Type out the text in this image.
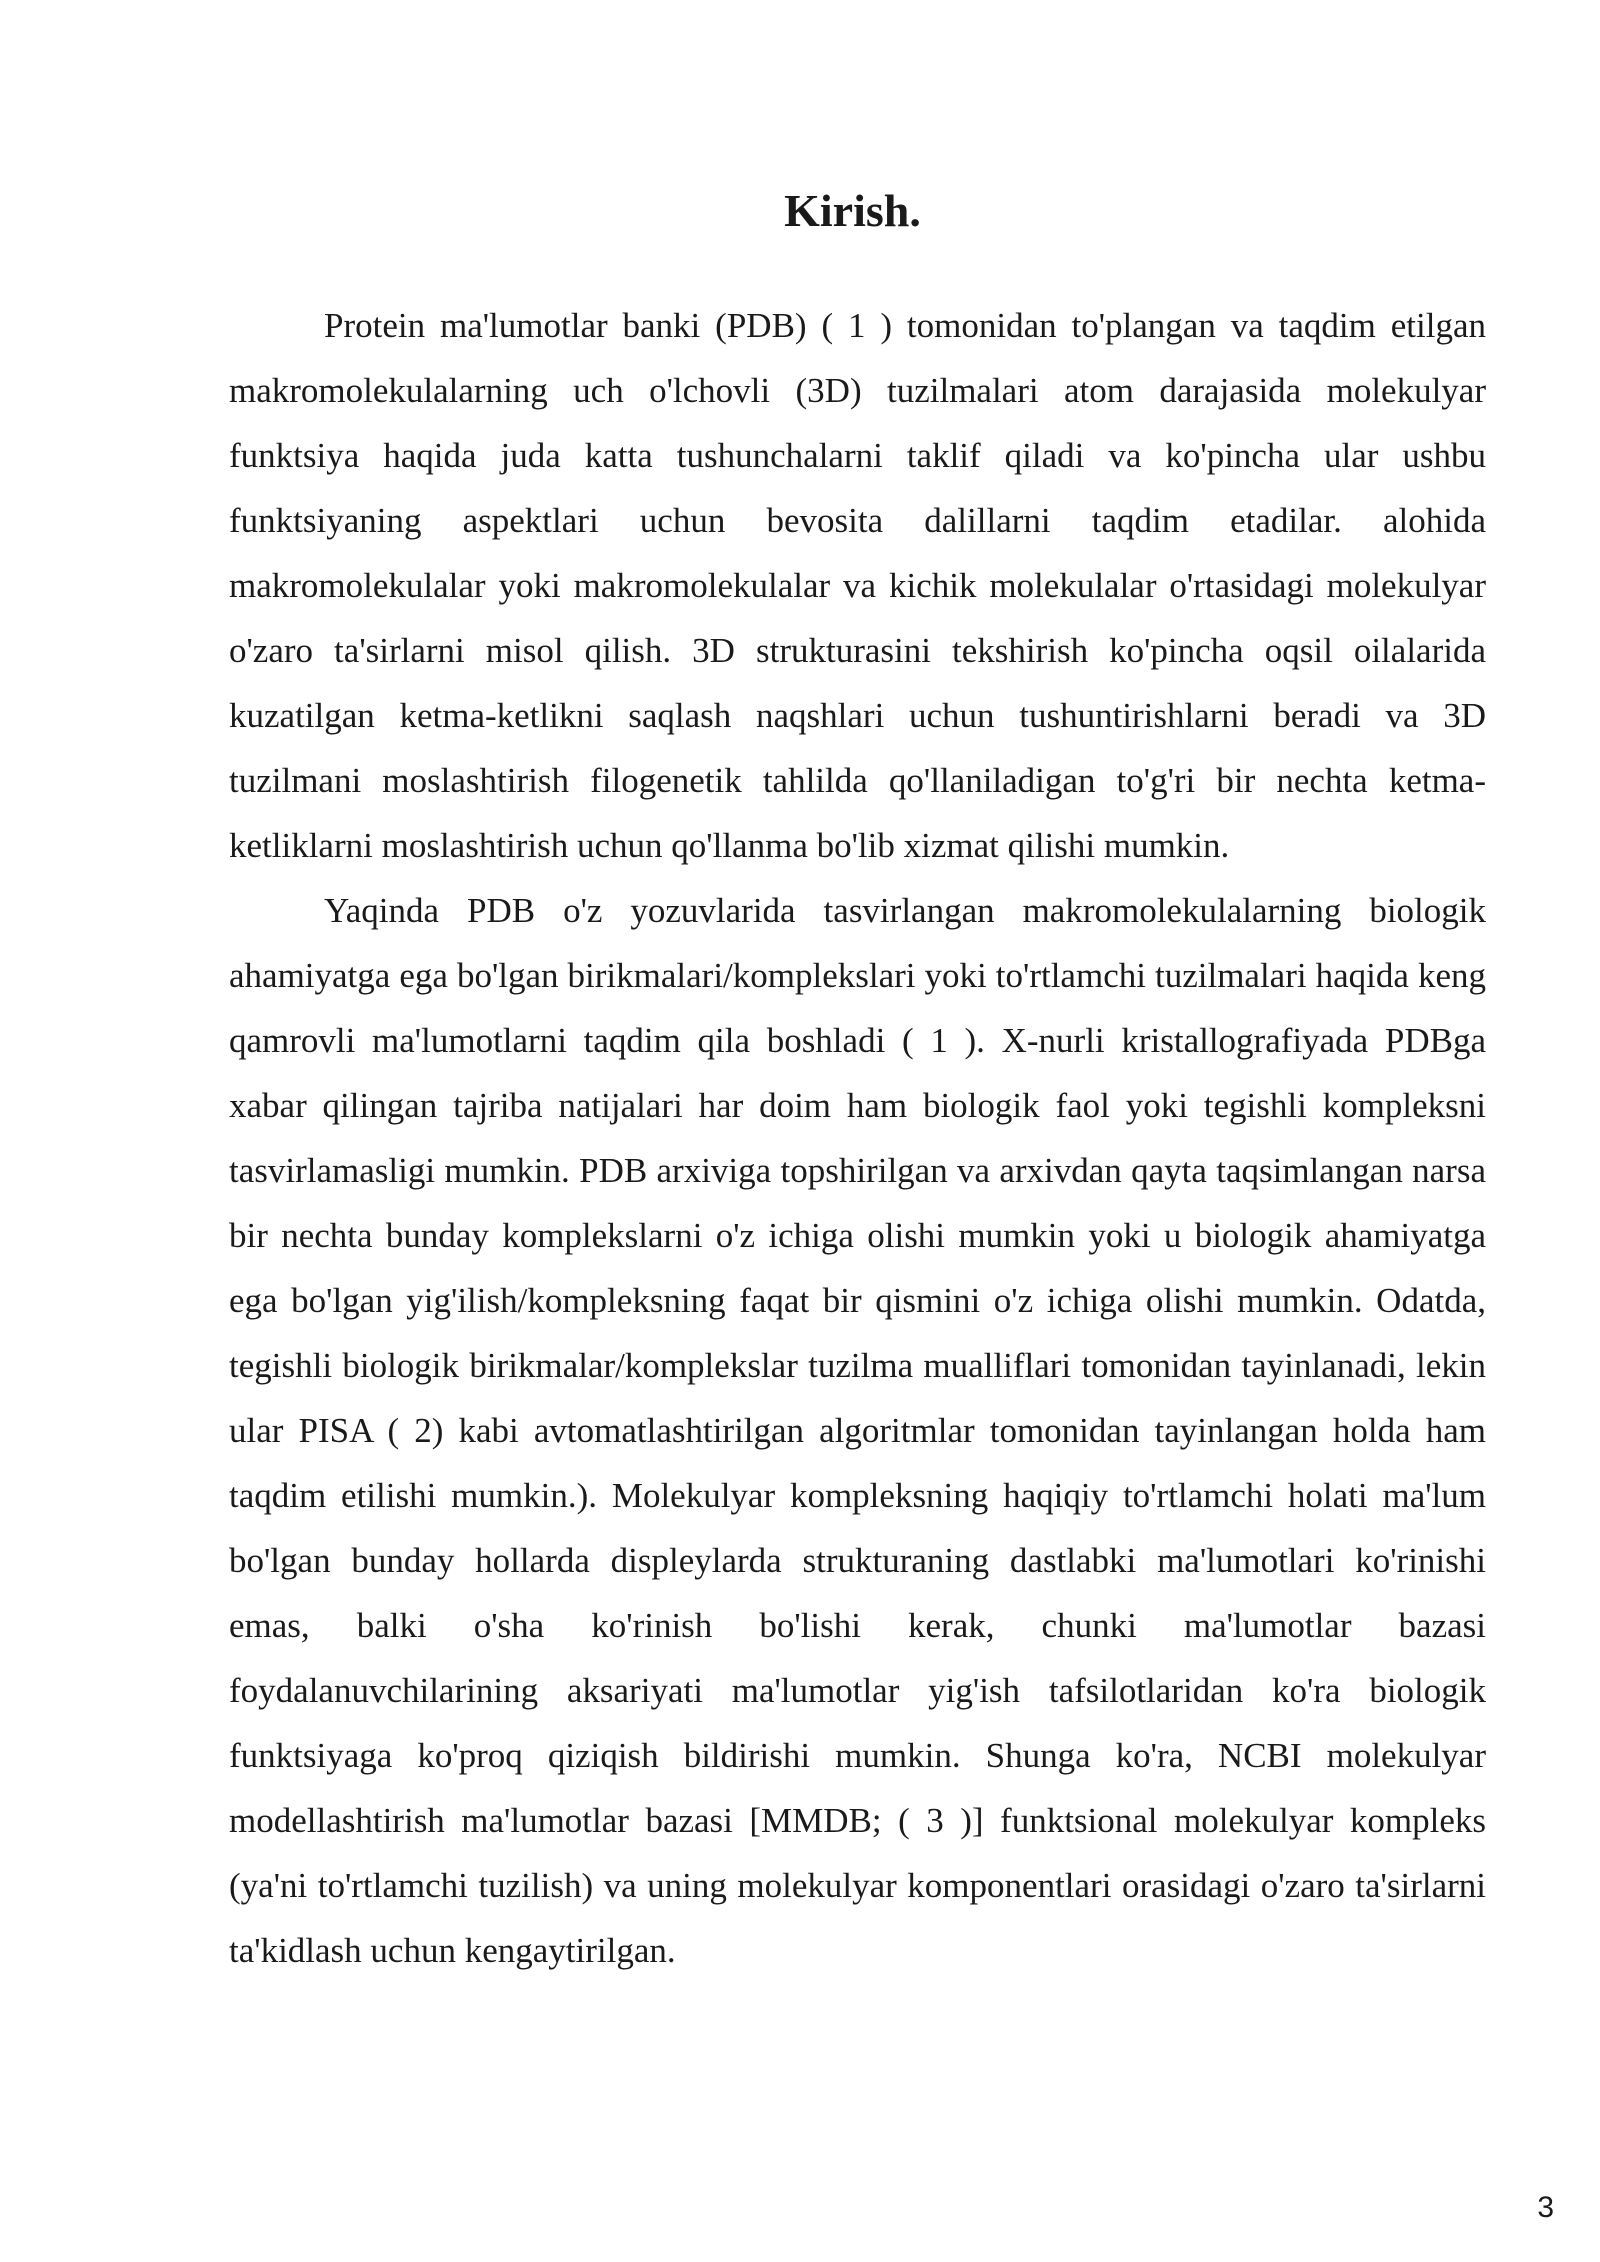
Kirish.

Protein ma'lumotlar banki (PDB) ( 1 ) tomonidan to'plangan va taqdim etilgan makromolekulalarning uch o'lchovli (3D) tuzilmalari atom darajasida molekulyar funktsiya haqida juda katta tushunchalarni taklif qiladi va ko'pincha ular ushbu funktsiyaning aspektlari uchun bevosita dalillarni taqdim etadilar. alohida makromolekulalar yoki makromolekulalar va kichik molekulalar o'rtasidagi molekulyar o'zaro ta'sirlarni misol qilish. 3D strukturasini tekshirish ko'pincha oqsil oilalarida kuzatilgan ketma-ketlikni saqlash naqshlari uchun tushuntirishlarni beradi va 3D tuzilmani moslashtirish filogenetik tahlilda qo'llaniladigan to'g'ri bir nechta ketma-ketliklarni moslashtirish uchun qo'llanma bo'lib xizmat qilishi mumkin.

Yaqinda PDB o'z yozuvlarida tasvirlangan makromolekulalarning biologik ahamiyatga ega bo'lgan birikmalari/komplekslari yoki to'rtlamchi tuzilmalari haqida keng qamrovli ma'lumotlarni taqdim qila boshladi ( 1 ). X-nurli kristallografiyada PDBga xabar qilingan tajriba natijalari har doim ham biologik faol yoki tegishli kompleksni tasvirlamasligi mumkin. PDB arxiviga topshirilgan va arxivdan qayta taqsimlangan narsa bir nechta bunday komplekslarni o'z ichiga olishi mumkin yoki u biologik ahamiyatga ega bo'lgan yig'ilish/kompleksning faqat bir qismini o'z ichiga olishi mumkin. Odatda, tegishli biologik birikmalar/komplekslar tuzilma mualliflari tomonidan tayinlanadi, lekin ular PISA ( 2) kabi avtomatlashtirilgan algoritmlar tomonidan tayinlangan holda ham taqdim etilishi mumkin.). Molekulyar kompleksning haqiqiy to'rtlamchi holati ma'lum bo'lgan bunday hollarda displeylarda strukturaning dastlabki ma'lumotlari ko'rinishi emas, balki o'sha ko'rinish bo'lishi kerak, chunki ma'lumotlar bazasi foydalanuvchilarining aksariyati ma'lumotlar yig'ish tafsilotlaridan ko'ra biologik funktsiyaga ko'proq qiziqish bildirishi mumkin. Shunga ko'ra, NCBI molekulyar modellashtirish ma'lumotlar bazasi [MMDB; ( 3 )] funktsional molekulyar kompleks (ya'ni to'rtlamchi tuzilish) va uning molekulyar komponentlari orasidagi o'zaro ta'sirlarni ta'kidlash uchun kengaytirilgan.

3
